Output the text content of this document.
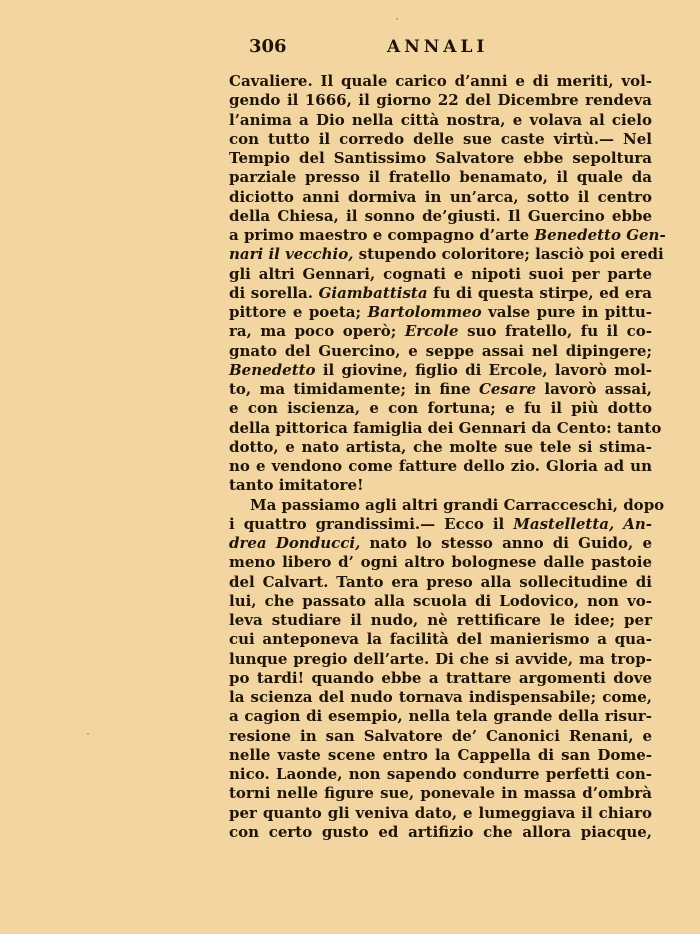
306	ANNALI
Cavaliere. Il quale carico d’anni e di meriti, vol-
gendo il 1666, il giorno 22 del Dicembre rendeva
l’anima a Dio nella città nostra, e volava al cielo
con tutto il corredo delle sue caste virtù.— Nel
Tempio del Santissimo Salvatore ebbe sepoltura
parziale presso il fratello benamato, il quale da
diciotto anni dormiva in un’arca, sotto il centro
della Chiesa, il sonno de’giusti. Il Guercino ebbe
a primo maestro e compagno d’arte Benedetto Gen-
nari il vecchio, stupendo coloritore; lasciò poi eredi
gli altri Gennari, cognati e nipoti suoi per parte
di sorella. Giambattista fu di questa stirpe, ed era
pittore e poeta; Bartolommeo valse pure in pittu-
ra, ma poco operò; Ercole suo fratello, fu il co-
gnato del Guercino, e seppe assai nel dipingere;
Benedetto il giovine, figlio di Ercole, lavorò mol-
to, ma timidamente; in fine Cesare lavorò assai,
e con iscienza, e con fortuna; e fu il più dotto
della pittorica famiglia dei Gennari da Cento: tanto
dotto, e nato artista, che molte sue tele si stima-
no e vendono come fatture dello zio. Gloria ad un
tanto imitatore!
Ma passiamo agli altri grandi Carracceschi, dopo
i quattro grandissimi.— Ecco il Mastelletta, An-
drea Donducci, nato lo stesso anno di Guido, e
meno libero d’ ogni altro bolognese dalle pastoie
del Calvart. Tanto era preso alla sollecitudine di
lui, che passato alla scuola di Lodovico, non vo-
leva studiare il nudo, nè rettificare le idee; per
cui anteponeva la facilità del manierismo a qua-
lunque pregio dell’arte. Di che si avvide, ma trop-
po tardi! quando ebbe a trattare argomenti dove
la scienza del nudo tornava indispensabile; come,
a cagion di esempio, nella tela grande della risur-
resione in san Salvatore de’ Canonici Renani, e
nelle vaste scene entro la Cappella di san Dome-
nico. Laonde, non sapendo condurre perfetti con-
torni nelle figure sue, ponevale in massa d’ombrà
per quanto gli veniva dato, e lumeggiava il chiaro
con certo gusto ed artifizio che allora piacque,
